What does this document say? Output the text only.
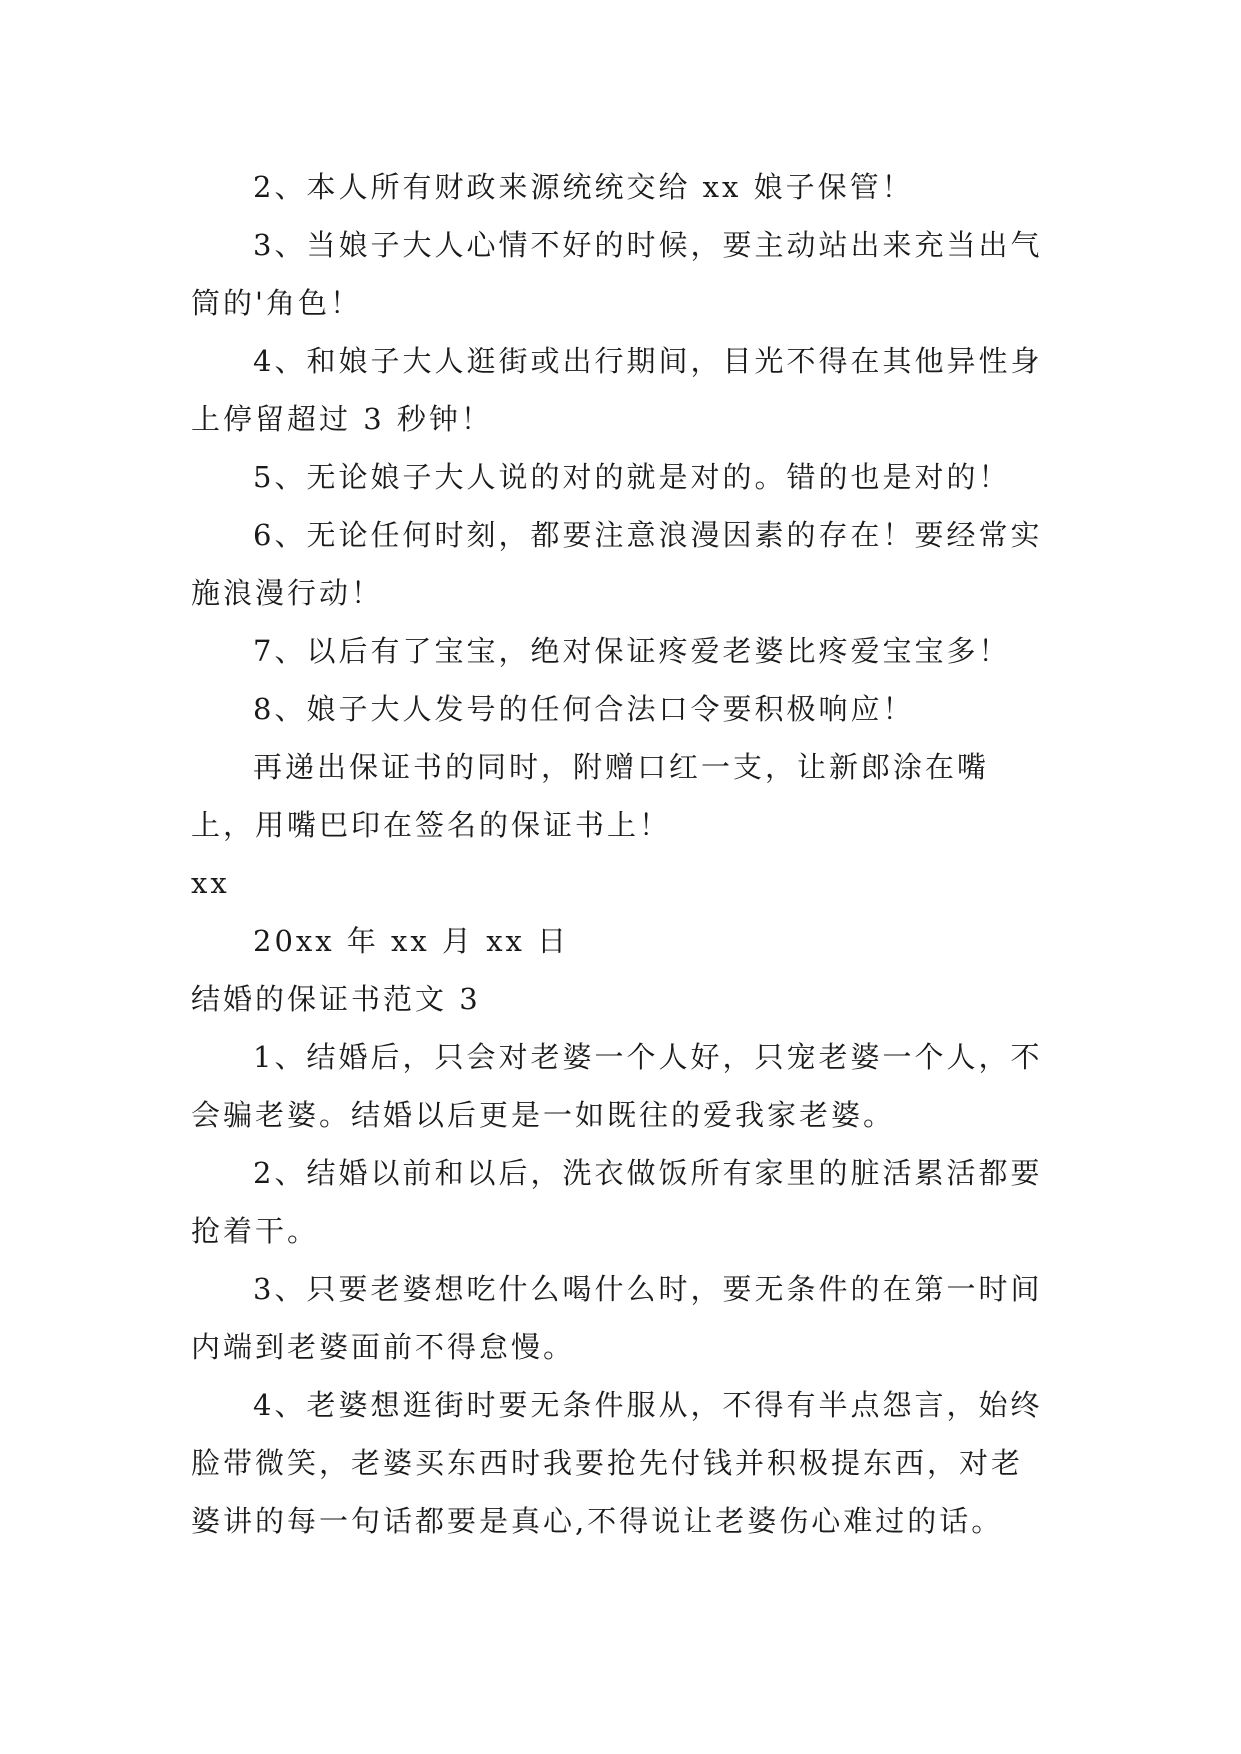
2、本人所有财政来源统统交给 xx 娘子保管！

3、当娘子大人心情不好的时候，要主动站出来充当出气筒的'角色！

4、和娘子大人逛街或出行期间，目光不得在其他异性身上停留超过 3 秒钟！

5、无论娘子大人说的对的就是对的。错的也是对的！

6、无论任何时刻，都要注意浪漫因素的存在！要经常实施浪漫行动！

7、以后有了宝宝，绝对保证疼爱老婆比疼爱宝宝多！

8、娘子大人发号的任何合法口令要积极响应！

再递出保证书的同时，附赠口红一支，让新郎涂在嘴上，用嘴巴印在签名的保证书上！

xx

20xx 年 xx 月 xx 日

结婚的保证书范文 3

1、结婚后，只会对老婆一个人好，只宠老婆一个人，不会骗老婆。结婚以后更是一如既往的爱我家老婆。

2、结婚以前和以后，洗衣做饭所有家里的脏活累活都要抢着干。

3、只要老婆想吃什么喝什么时，要无条件的在第一时间内端到老婆面前不得怠慢。

4、老婆想逛街时要无条件服从，不得有半点怨言，始终脸带微笑，老婆买东西时我要抢先付钱并积极提东西，对老婆讲的每一句话都要是真心,不得说让老婆伤心难过的话。
